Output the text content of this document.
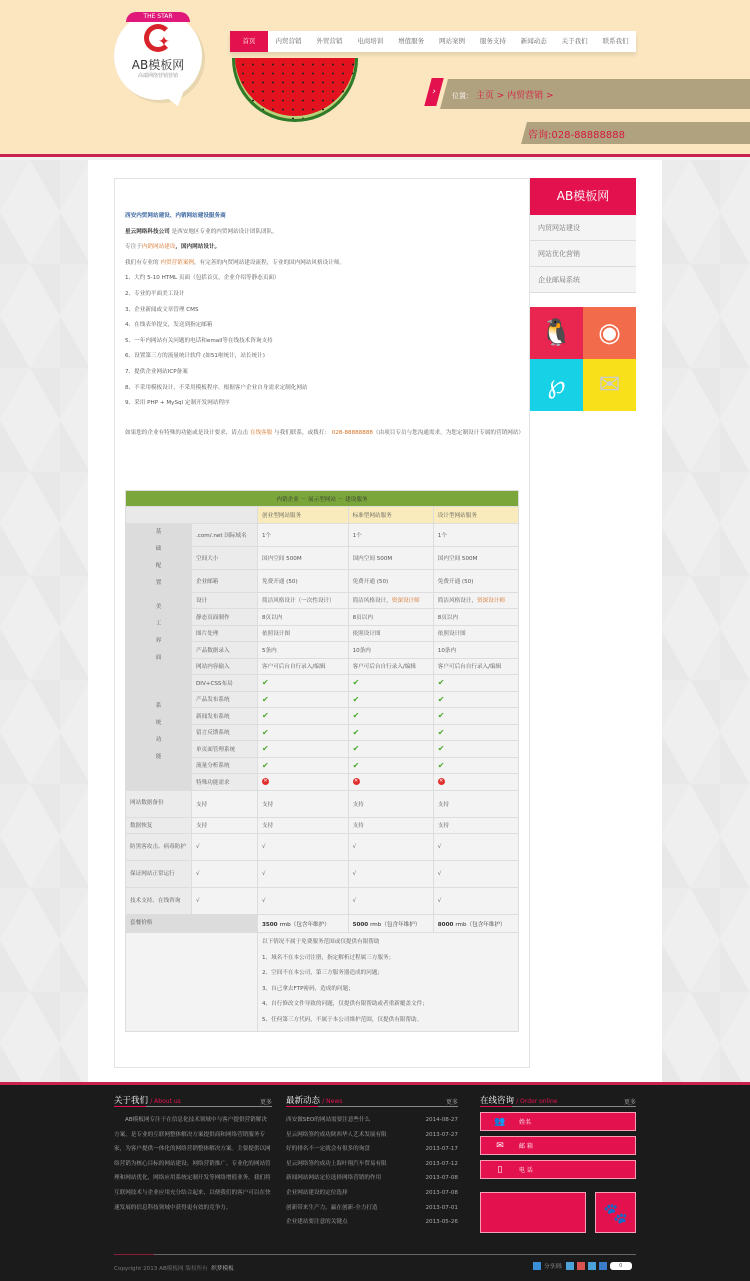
THE STAR
✦
AB模板网
高端网络营销营销
首页	内贸营销	外贸营销	电商培训	增值服务	网站案例	服务支持	新闻动态	关于我们	联系我们
›	位置： 主页 > 内贸营销 >
咨询:028-88888888
西安内贸网站建设、内销网站建设服务商
星云网络科技公司 是西安地区专业的内贸网站设计团队团队。
专注于内销网站建设，国内网站设计。
我们有专业的 内贸营销案例，有完善的内贸网站建设流程，专业的国内网站风格设计师。
1、大约 5-10 HTML 页面（包括首页，企业介绍等静态页面）
2、专业的平面美工设计
3、企业新闻或文章管理 CMS
4、在线表单提交，发送到指定邮箱
5、一年内网站有关问题的电话和email等在线技术咨询支持
6、设置第三方的流量统计软件 (如51啦统计，站长统计)
7、提供企业网站ICP备案
8、不采用模板设计，不采用模板程序，根据客户企业自身需求定制化网站
9、采用 PHP + MySql 定制开发网站程序
如果您的企业有特殊的功能或是设计要求，请点击 在线客服 与我们联系，或拨打： 028-88888888（由项目专员与您沟通需求，为您定制设计专属的营销网站）
内销企业 － 展示型网站 － 建设服务				
		创业型网站服务	标准型网站服务	设计型网站服务
基
础
配
置	.com/.net 国际域名	1个	1个	1个
	空间大小	国内空间 500M	国内空间 500M	国内空间 500M
	企业邮箱	免费开通 (50)	免费开通 (50)	免费开通 (50)
美
工
界
面	设计	简洁风格设计（一次性设计）	简洁风格设计，资深设计师	简洁风格设计，资深设计师
	静态页面制作	8页以内	8页以内	8页以内
	图片处理	依照设计图	依照设计图	依照设计图
	产品数据录入	5条内	10条内	10条内
	网站内容输入	客户可后台自行录入/编辑	客户可后台自行录入/编辑	客户可后台自行录入/编辑
系
统
功
能	DIV+CSS布局	✔	✔	✔
	产品发布系统	✔	✔	✔
	新闻发布系统	✔	✔	✔
	留言反馈系统	✔	✔	✔
	单页面管理系统	✔	✔	✔
	流量分析系统	✔	✔	✔
	特殊功能需求	✕	✕	✕
网站数据备份	支持	支持	支持	支持
数据恢复	支持	支持	支持	支持
防黑客攻击、病毒防护	√	√	√	√
保证网站正常运行	√	√	√	√
技术支持、在线咨询	√	√	√	√
套餐价格		3500 rmb（包含年维护）	5000 rmb（包含年维护）	8000 rmb（包含年维护）

以下情况不属于免费服务范围或仅提供有限帮助
1、域名不在本公司注册，指定解析过程属三方服务；
2、空间不在本公司，第三方服务器造成的问题；
3、自己拿去FTP密码，造成的问题；
4、自行修改文件导致的问题，仅提供有限帮助或者重新覆盖文件；
5、任何第三方代码，不属于本公司维护范围，仅提供有限帮助。
AB模板网
内贸网站建设
网站优化营销
企业邮局系统
🐧 ◉
℘	✉
关于我们 / About us	更多
AB模板网专注于在信息化技术领域中与客户提供营销解决方案，是专业的互联网整体解决方案提供商和网络营销服务专家，为客户提供一体化的网络营销整体解决方案。主要提供以网络营销为核心目标的网站建设、网络营销推广、专业化的网站管理和网站优化，网络应用系统定制开发等网络增值业务。我们将互联网技术与企业应用充分结合起来，以便我们的客户可以在快速发展的信息科技领域中获得更有效的竞争力。
最新动态 / News	更多
西安做SEO的网站需要注意些什么	2014-08-27
星云网络签约成功陕西华人艺术发展有限	2013-07-27
好的排名不一定就会有很多的询盘	2013-07-17
星云网络签约成功上海叶翔汽车贸易有限	2013-07-12
新闻网站网站定位选择网络营销的作用	2013-07-08
企业网站建设的定位选择	2013-07-08
创新带来生产力，赢在创新-全力打造	2013-07-01
企业建站要注意的关键点	2013-05-26
在线咨询 / Order online	更多
👥	姓名
✉	邮 箱
▯	电 话
🐾
Copyright 2013 AB模板网 版权所有 织梦模板	分享到:	0
